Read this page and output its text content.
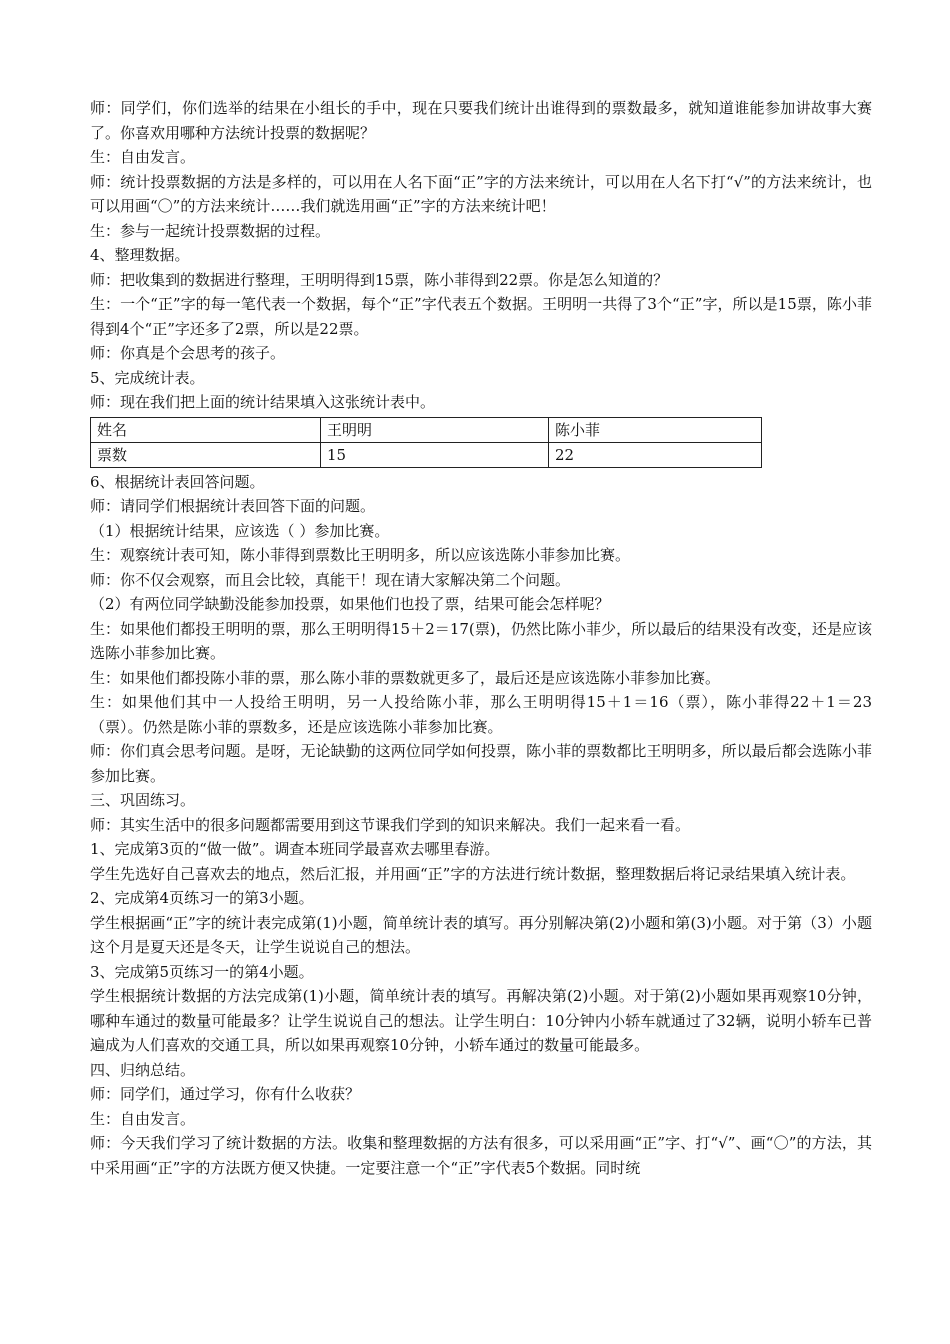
师：同学们，你们选举的结果在小组长的手中，现在只要我们统计出谁得到的票数最多，就知道谁能参加讲故事大赛了。你喜欢用哪种方法统计投票的数据呢？

生：自由发言。

师：统计投票数据的方法是多样的，可以用在人名下面“正”字的方法来统计，可以用在人名下打“√”的方法来统计，也可以用画“〇”的方法来统计……我们就选用画“正”字的方法来统计吧！

生：参与一起统计投票数据的过程。

4、整理数据。

师：把收集到的数据进行整理，王明明得到15票，陈小菲得到22票。你是怎么知道的？

生：一个“正”字的每一笔代表一个数据，每个“正”字代表五个数据。王明明一共得了3个“正”字，所以是15票，陈小菲得到4个“正”字还多了2票，所以是22票。

师：你真是个会思考的孩子。

5、完成统计表。

师：现在我们把上面的统计结果填入这张统计表中。

姓名	王明明	陈小菲
票数	15	22

6、根据统计表回答问题。

师：请同学们根据统计表回答下面的问题。

（1）根据统计结果，应该选（ ）参加比赛。

生：观察统计表可知，陈小菲得到票数比王明明多，所以应该选陈小菲参加比赛。

师：你不仅会观察，而且会比较，真能干！现在请大家解决第二个问题。

（2）有两位同学缺勤没能参加投票，如果他们也投了票，结果可能会怎样呢？

生：如果他们都投王明明的票，那么王明明得15＋2＝17(票)，仍然比陈小菲少，所以最后的结果没有改变，还是应该选陈小菲参加比赛。

生：如果他们都投陈小菲的票，那么陈小菲的票数就更多了，最后还是应该选陈小菲参加比赛。

生：如果他们其中一人投给王明明，另一人投给陈小菲，那么王明明得15＋1＝16（票），陈小菲得22＋1＝23（票）。仍然是陈小菲的票数多，还是应该选陈小菲参加比赛。

师：你们真会思考问题。是呀，无论缺勤的这两位同学如何投票，陈小菲的票数都比王明明多，所以最后都会选陈小菲参加比赛。

三、巩固练习。

师：其实生活中的很多问题都需要用到这节课我们学到的知识来解决。我们一起来看一看。

1、完成第3页的“做一做”。调查本班同学最喜欢去哪里春游。

学生先选好自己喜欢去的地点，然后汇报，并用画“正”字的方法进行统计数据，整理数据后将记录结果填入统计表。

2、完成第4页练习一的第3小题。

学生根据画“正”字的统计表完成第(1)小题，简单统计表的填写。再分别解决第(2)小题和第(3)小题。对于第（3）小题这个月是夏天还是冬天，让学生说说自己的想法。

3、完成第5页练习一的第4小题。

学生根据统计数据的方法完成第(1)小题，简单统计表的填写。再解决第(2)小题。对于第(2)小题如果再观察10分钟，哪种车通过的数量可能最多？让学生说说自己的想法。让学生明白：10分钟内小轿车就通过了32辆，说明小轿车已普遍成为人们喜欢的交通工具，所以如果再观察10分钟，小轿车通过的数量可能最多。

四、归纳总结。

师：同学们，通过学习，你有什么收获？

生：自由发言。

师：今天我们学习了统计数据的方法。收集和整理数据的方法有很多，可以采用画“正”字、打“√”、画“〇”的方法，其中采用画“正”字的方法既方便又快捷。一定要注意一个“正”字代表5个数据。同时统
